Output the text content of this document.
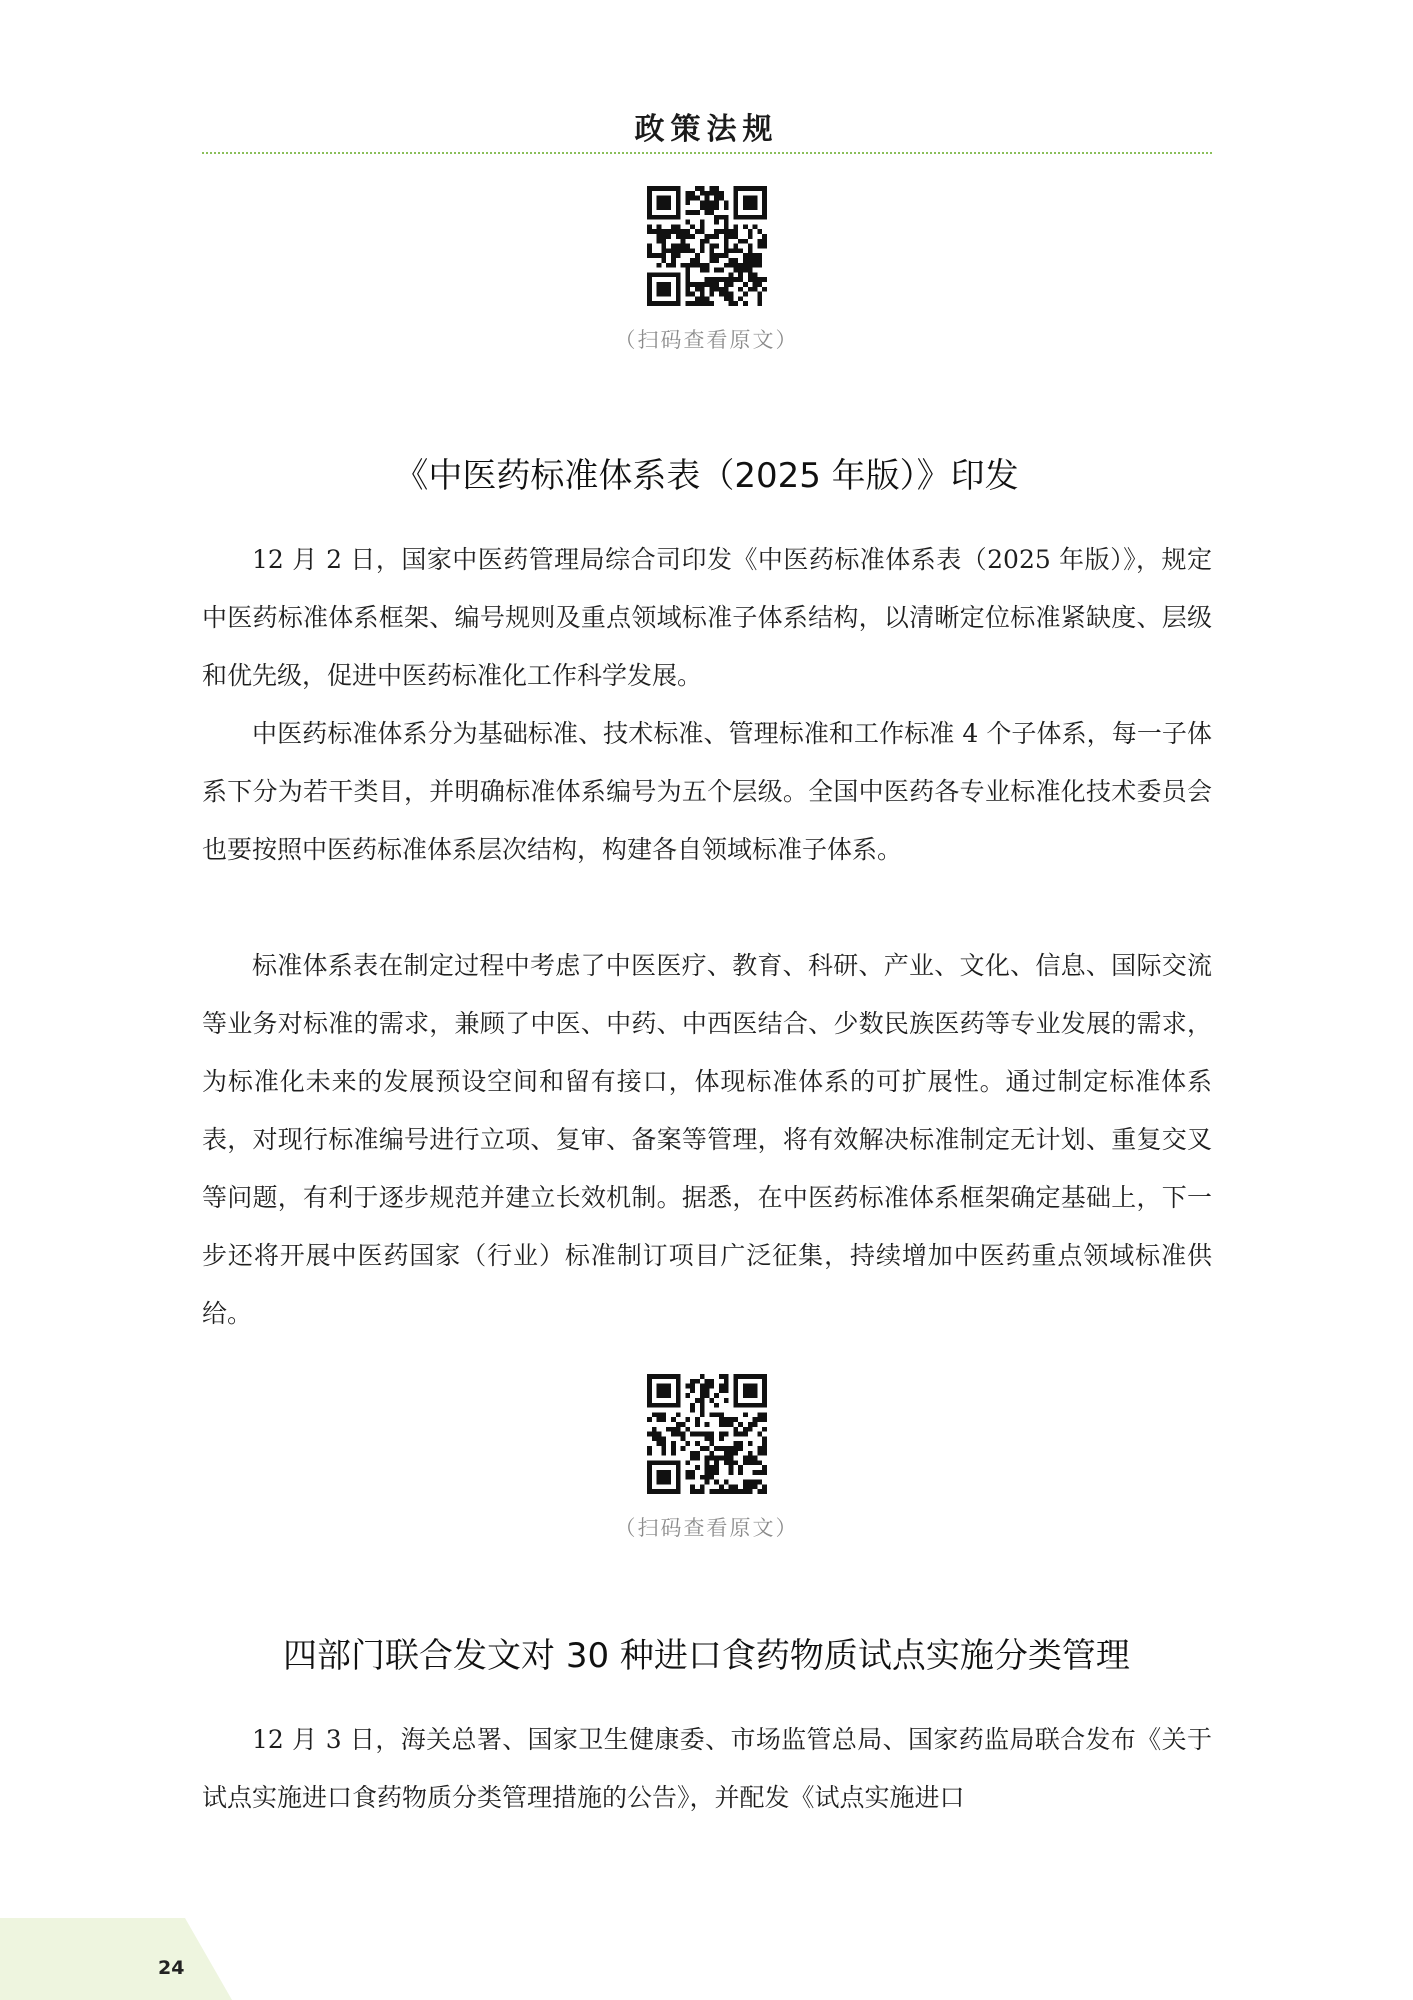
政策法规
（扫码查看原文）
《中医药标准体系表（2025 年版）》印发

12 月 2 日，国家中医药管理局综合司印发《中医药标准体系表（2025 年版）》，规定中医药标准体系框架、编号规则及重点领域标准子体系结构，以清晰定位标准紧缺度、层级和优先级，促进中医药标准化工作科学发展。

中医药标准体系分为基础标准、技术标准、管理标准和工作标准 4 个子体系，每一子体系下分为若干类目，并明确标准体系编号为五个层级。全国中医药各专业标准化技术委员会也要按照中医药标准体系层次结构，构建各自领域标准子体系。

标准体系表在制定过程中考虑了中医医疗、教育、科研、产业、文化、信息、国际交流等业务对标准的需求，兼顾了中医、中药、中西医结合、少数民族医药等专业发展的需求，为标准化未来的发展预设空间和留有接口，体现标准体系的可扩展性。通过制定标准体系表，对现行标准编号进行立项、复审、备案等管理，将有效解决标准制定无计划、重复交叉等问题，有利于逐步规范并建立长效机制。据悉，在中医药标准体系框架确定基础上，下一步还将开展中医药国家（行业）标准制订项目广泛征集，持续增加中医药重点领域标准供给。

（扫码查看原文）
四部门联合发文对 30 种进口食药物质试点实施分类管理

12 月 3 日，海关总署、国家卫生健康委、市场监管总局、国家药监局联合发布《关于试点实施进口食药物质分类管理措施的公告》，并配发《试点实施进口

24
